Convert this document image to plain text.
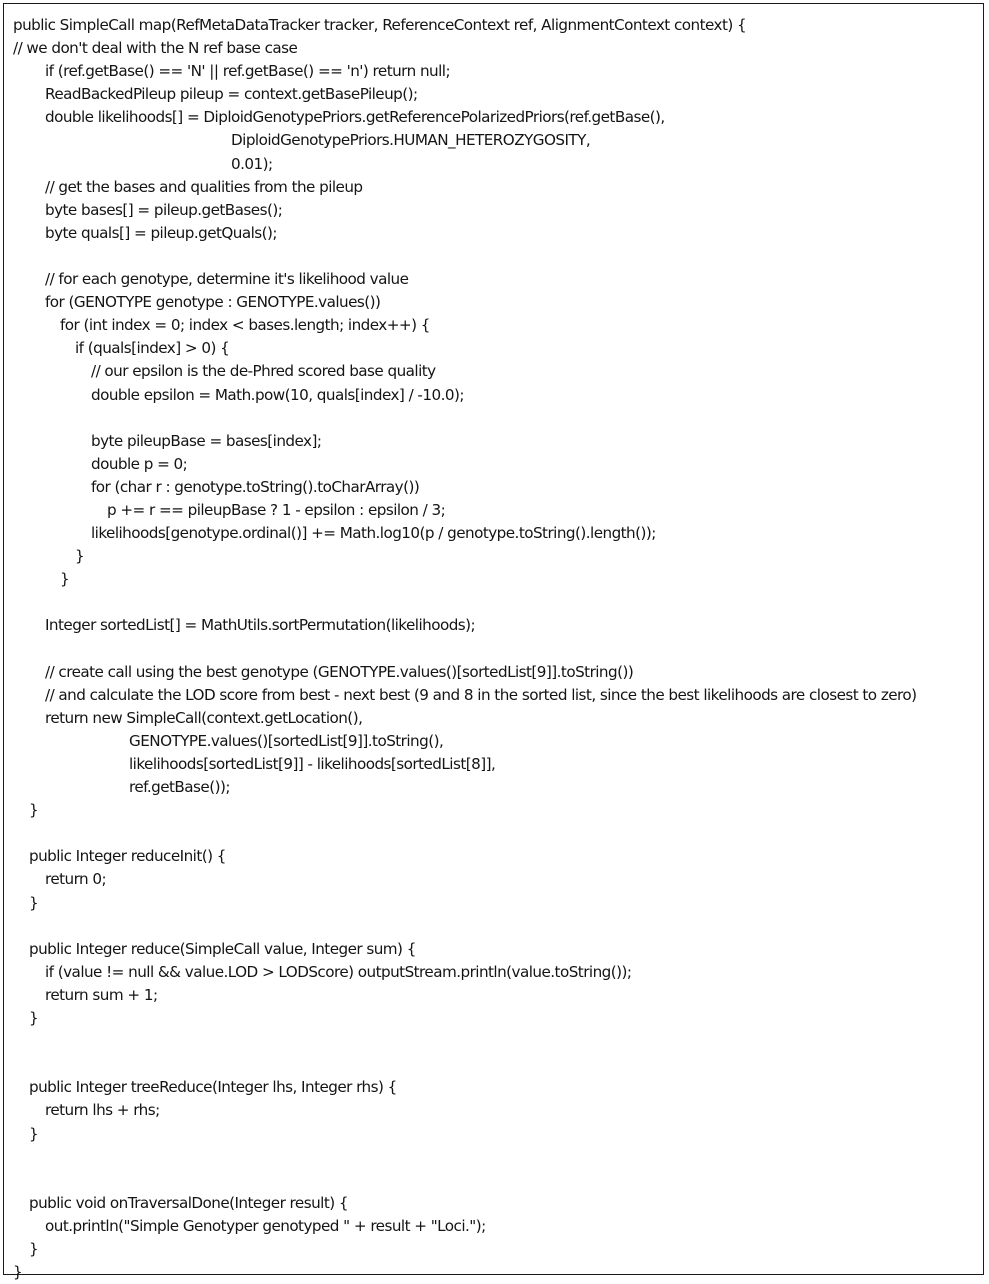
public SimpleCall map(RefMetaDataTracker tracker, ReferenceContext ref, AlignmentContext context) {
// we don't deal with the N ref base case
if (ref.getBase() == 'N' || ref.getBase() == 'n') return null;
ReadBackedPileup pileup = context.getBasePileup();
double likelihoods[] = DiploidGenotypePriors.getReferencePolarizedPriors(ref.getBase(),
DiploidGenotypePriors.HUMAN_HETEROZYGOSITY,
0.01);
// get the bases and qualities from the pileup
byte bases[] = pileup.getBases();
byte quals[] = pileup.getQuals();
// for each genotype, determine it's likelihood value
for (GENOTYPE genotype : GENOTYPE.values())
for (int index = 0; index < bases.length; index++) {
if (quals[index] > 0) {
// our epsilon is the de-Phred scored base quality
double epsilon = Math.pow(10, quals[index] / -10.0);
byte pileupBase = bases[index];
double p = 0;
for (char r : genotype.toString().toCharArray())
p += r == pileupBase ? 1 - epsilon : epsilon / 3;
likelihoods[genotype.ordinal()] += Math.log10(p / genotype.toString().length());
}
}
Integer sortedList[] = MathUtils.sortPermutation(likelihoods);
// create call using the best genotype (GENOTYPE.values()[sortedList[9]].toString())
// and calculate the LOD score from best - next best (9 and 8 in the sorted list, since the best likelihoods are closest to zero)
return new SimpleCall(context.getLocation(),
GENOTYPE.values()[sortedList[9]].toString(),
likelihoods[sortedList[9]] - likelihoods[sortedList[8]],
ref.getBase());
}
public Integer reduceInit() {
return 0;
}
public Integer reduce(SimpleCall value, Integer sum) {
if (value != null && value.LOD > LODScore) outputStream.println(value.toString());
return sum + 1;
}
public Integer treeReduce(Integer lhs, Integer rhs) {
return lhs + rhs;
}
public void onTraversalDone(Integer result) {
out.println("Simple Genotyper genotyped " + result + "Loci.");
}
}
